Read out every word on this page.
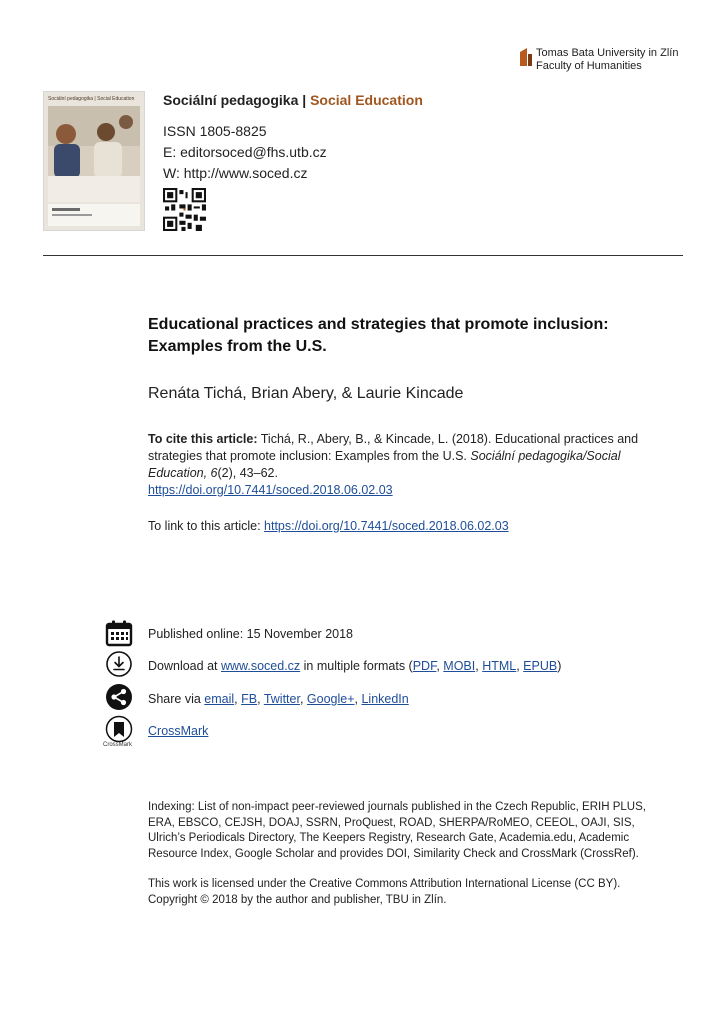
Tomas Bata University in Zlín
Faculty of Humanities
Sociální pedagogika | Social Education	Sociální pedagogika | Social Education
ISSN 1805-8825
E: editorsoced@fhs.utb.cz
W: http://www.soced.cz
Educational practices and strategies that promote inclusion:
Examples from the U.S.
Renáta Tichá, Brian Abery, & Laurie Kincade
To cite this article: Tichá, R., Abery, B., & Kincade, L. (2018). Educational practices and strategies that promote inclusion: Examples from the U.S. Sociální pedagogika/Social Education, 6(2), 43–62.
https://doi.org/10.7441/soced.2018.06.02.03
To link to this article: https://doi.org/10.7441/soced.2018.06.02.03
Published online: 15 November 2018
Download at www.soced.cz in multiple formats (PDF, MOBI, HTML, EPUB)
Share via email, FB, Twitter, Google+, LinkedIn
CrossMark
CrossMark
Indexing: List of non-impact peer-reviewed journals published in the Czech Republic, ERIH PLUS, ERA, EBSCO, CEJSH, DOAJ, SSRN, ProQuest, ROAD, SHERPA/RoMEO, CEEOL, OAJI, SIS, Ulrich’s Periodicals Directory, The Keepers Registry, Research Gate, Academia.edu, Academic Resource Index, Google Scholar and provides DOI, Similarity Check and CrossMark (CrossRef).
This work is licensed under the Creative Commons Attribution International License (CC BY). Copyright © 2018 by the author and publisher, TBU in Zlín.
